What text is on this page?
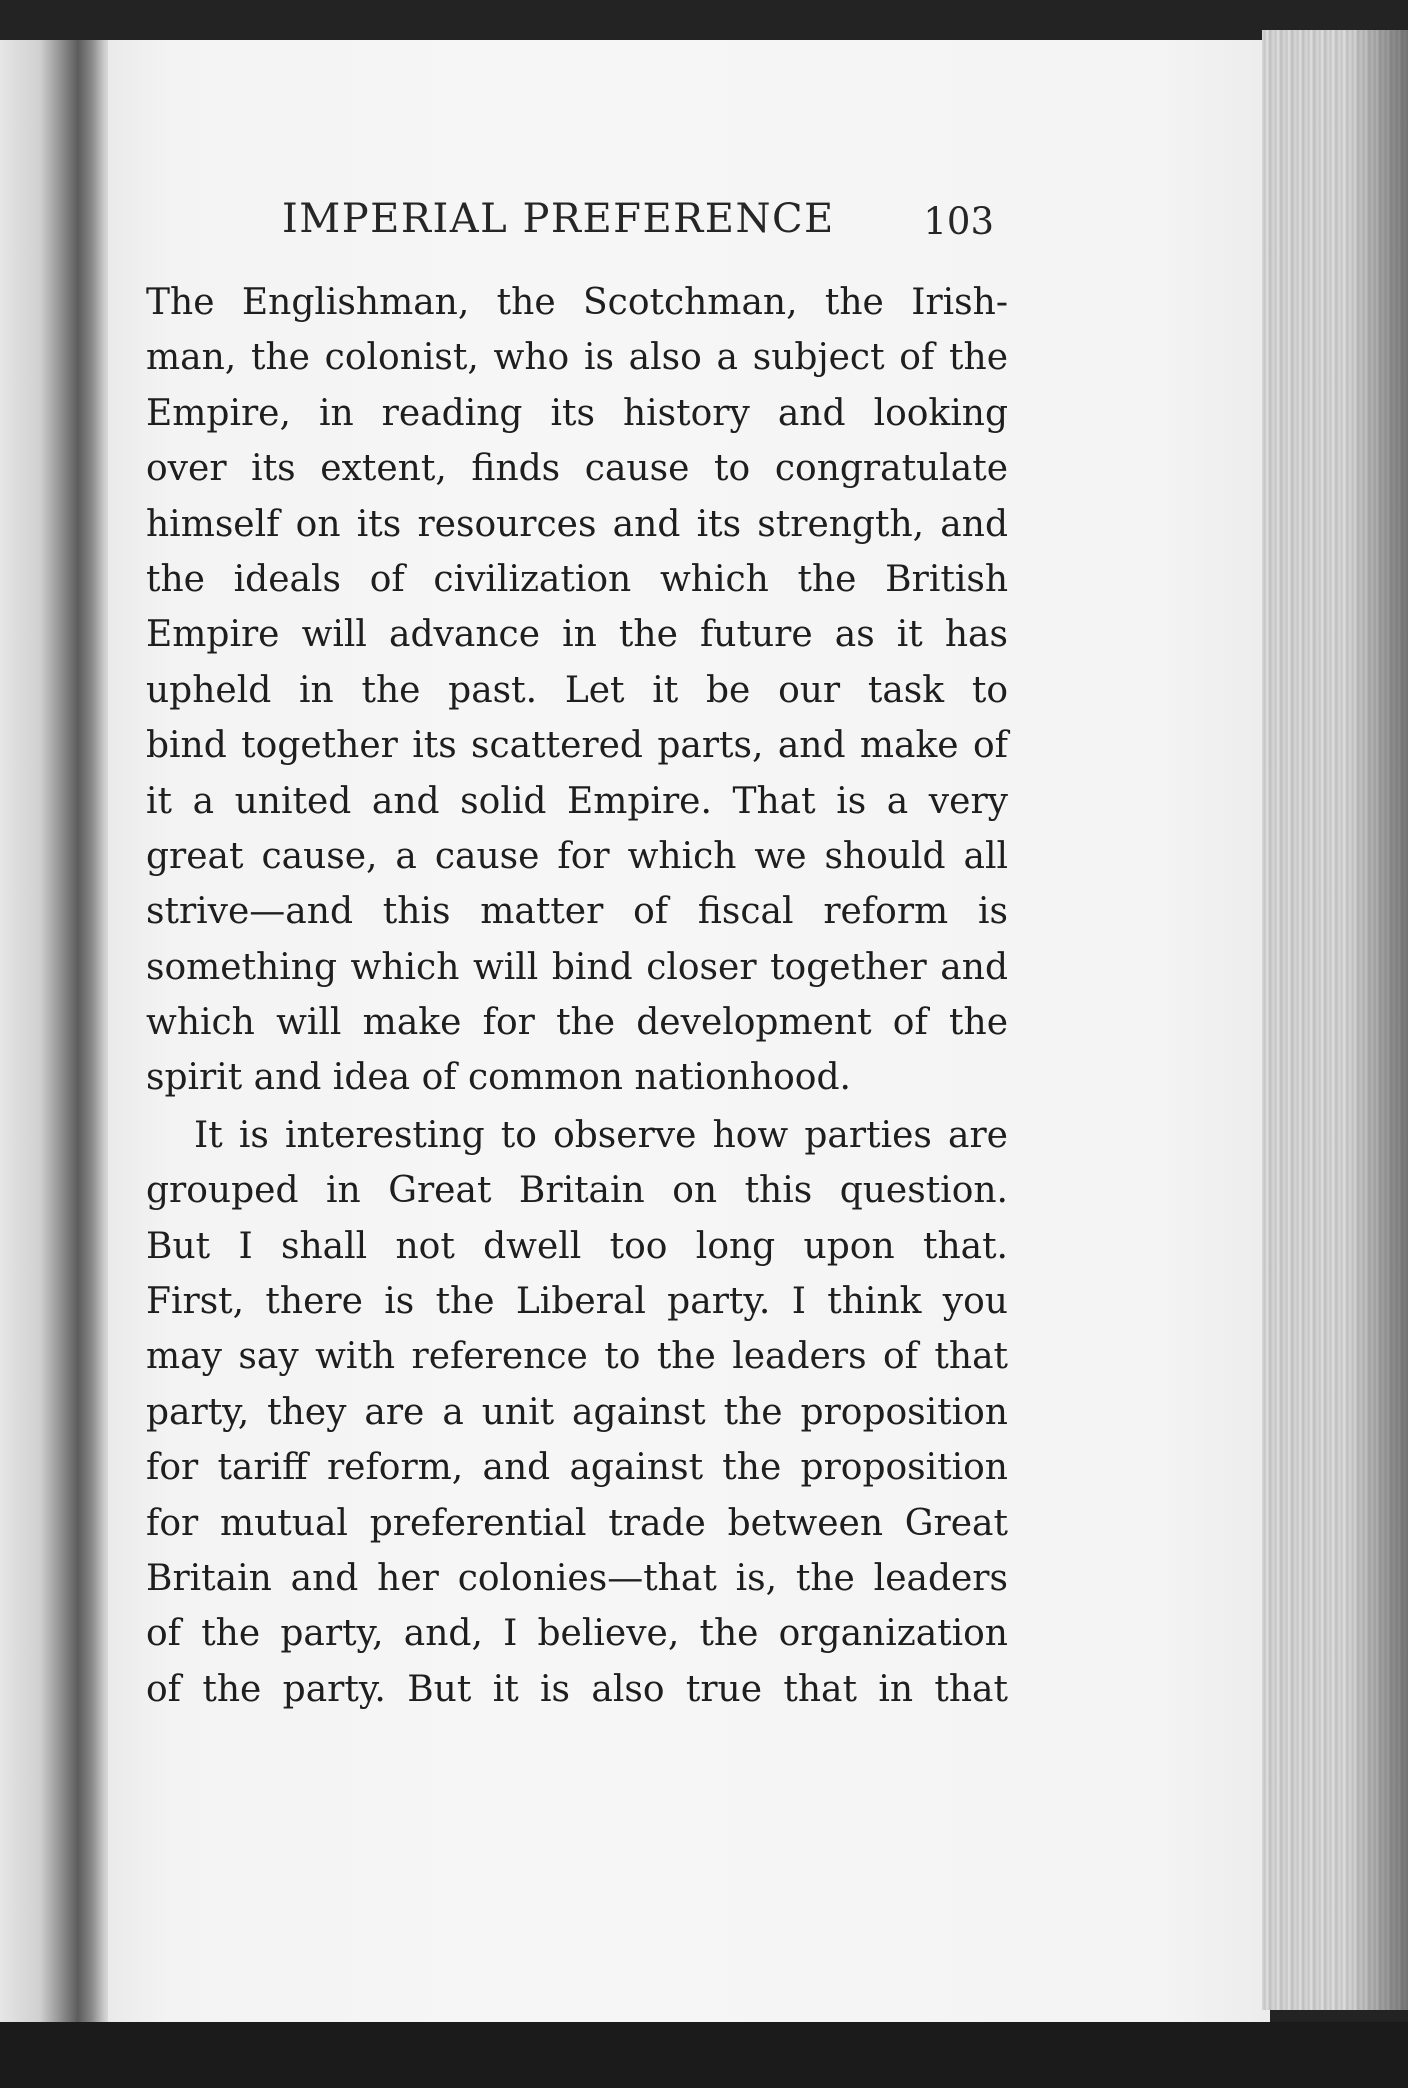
IMPERIAL PREFERENCE 103
The Englishman, the Scotchman, the Irish-
man, the colonist, who is also a subject of the
Empire, in reading its history and looking
over its extent, finds cause to congratulate
himself on its resources and its strength, and
the ideals of civilization which the British
Empire will advance in the future as it has
upheld in the past. Let it be our task to
bind together its scattered parts, and make of
it a united and solid Empire. That is a very
great cause, a cause for which we should all
strive—and this matter of fiscal reform is
something which will bind closer together and
which will make for the development of the
spirit and idea of common nationhood.
It is interesting to observe how parties are
grouped in Great Britain on this question.
But I shall not dwell too long upon that.
First, there is the Liberal party. I think you
may say with reference to the leaders of that
party, they are a unit against the proposition
for tariff reform, and against the proposition
for mutual preferential trade between Great
Britain and her colonies—that is, the leaders
of the party, and, I believe, the organization
of the party. But it is also true that in that
